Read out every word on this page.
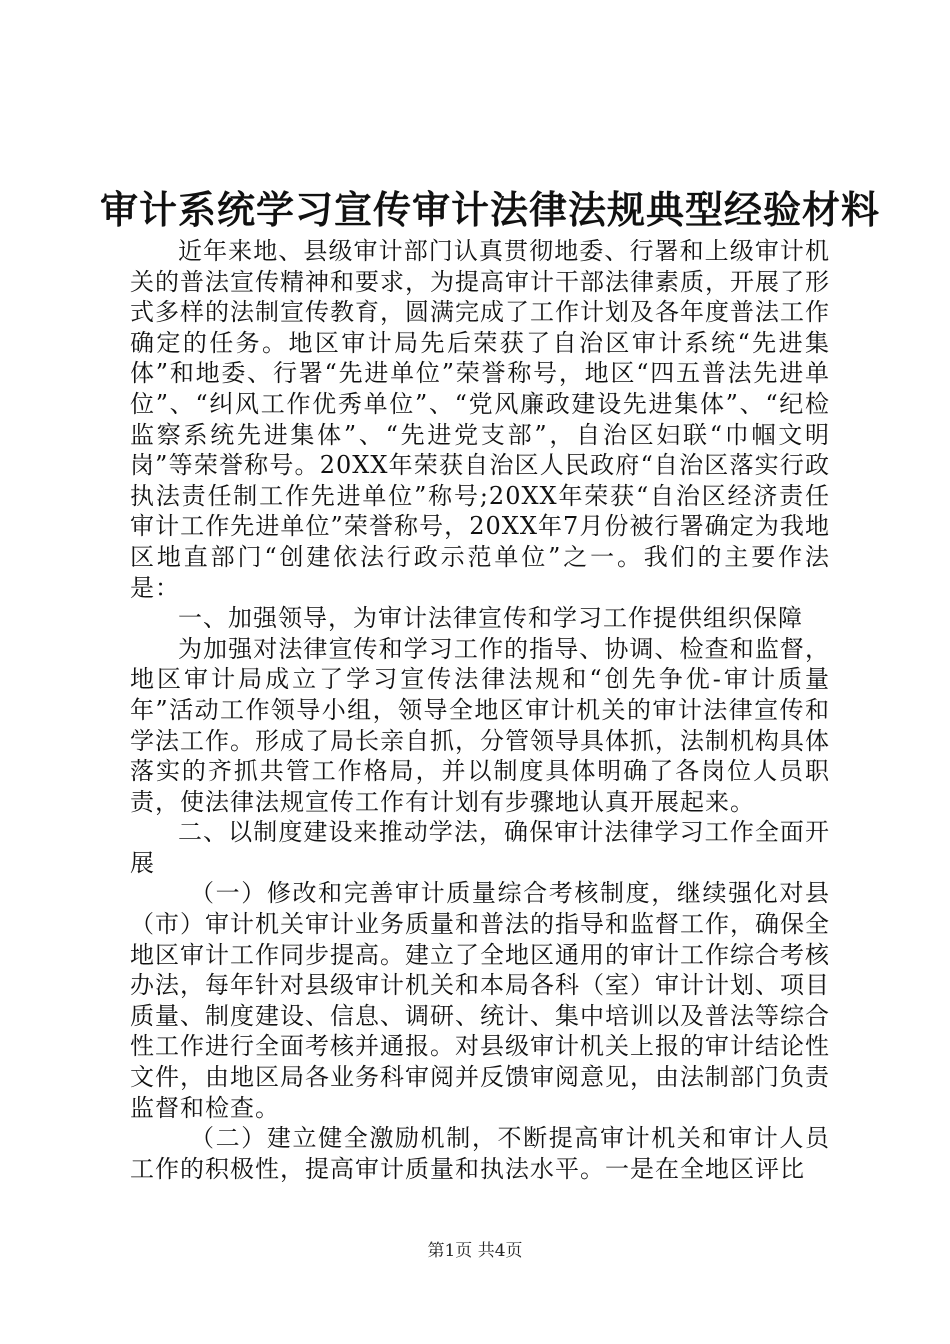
审计系统学习宣传审计法律法规典型经验材料

近年来地、县级审计部门认真贯彻地委、行署和上级审计机关的普法宣传精神和要求，为提高审计干部法律素质，开展了形式多样的法制宣传教育，圆满完成了工作计划及各年度普法工作确定的任务。地区审计局先后荣获了自治区审计系统“先进集体”和地委、行署“先进单位”荣誉称号，地区“四五普法先进单位”、“纠风工作优秀单位”、“党风廉政建设先进集体”、“纪检监察系统先进集体”、“先进党支部”，自治区妇联“巾帼文明岗”等荣誉称号。20XX年荣获自治区人民政府“自治区落实行政执法责任制工作先进单位”称号;20XX年荣获“自治区经济责任审计工作先进单位”荣誉称号，20XX年7月份被行署确定为我地区地直部门“创建依法行政示范单位”之一。我们的主要作法是：

一、加强领导，为审计法律宣传和学习工作提供组织保障

为加强对法律宣传和学习工作的指导、协调、检查和监督，地区审计局成立了学习宣传法律法规和“创先争优-审计质量年”活动工作领导小组，领导全地区审计机关的审计法律宣传和学法工作。形成了局长亲自抓，分管领导具体抓，法制机构具体落实的齐抓共管工作格局，并以制度具体明确了各岗位人员职责，使法律法规宣传工作有计划有步骤地认真开展起来。

二、以制度建设来推动学法，确保审计法律学习工作全面开展

（一）修改和完善审计质量综合考核制度，继续强化对县（市）审计机关审计业务质量和普法的指导和监督工作，确保全地区审计工作同步提高。建立了全地区通用的审计工作综合考核办法，每年针对县级审计机关和本局各科（室）审计计划、项目质量、制度建设、信息、调研、统计、集中培训以及普法等综合性工作进行全面考核并通报。对县级审计机关上报的审计结论性文件，由地区局各业务科审阅并反馈审阅意见，由法制部门负责监督和检查。

（二）建立健全激励机制，不断提高审计机关和审计人员工作的积极性，提高审计质量和执法水平。一是在全地区评比

第1页 共4页
